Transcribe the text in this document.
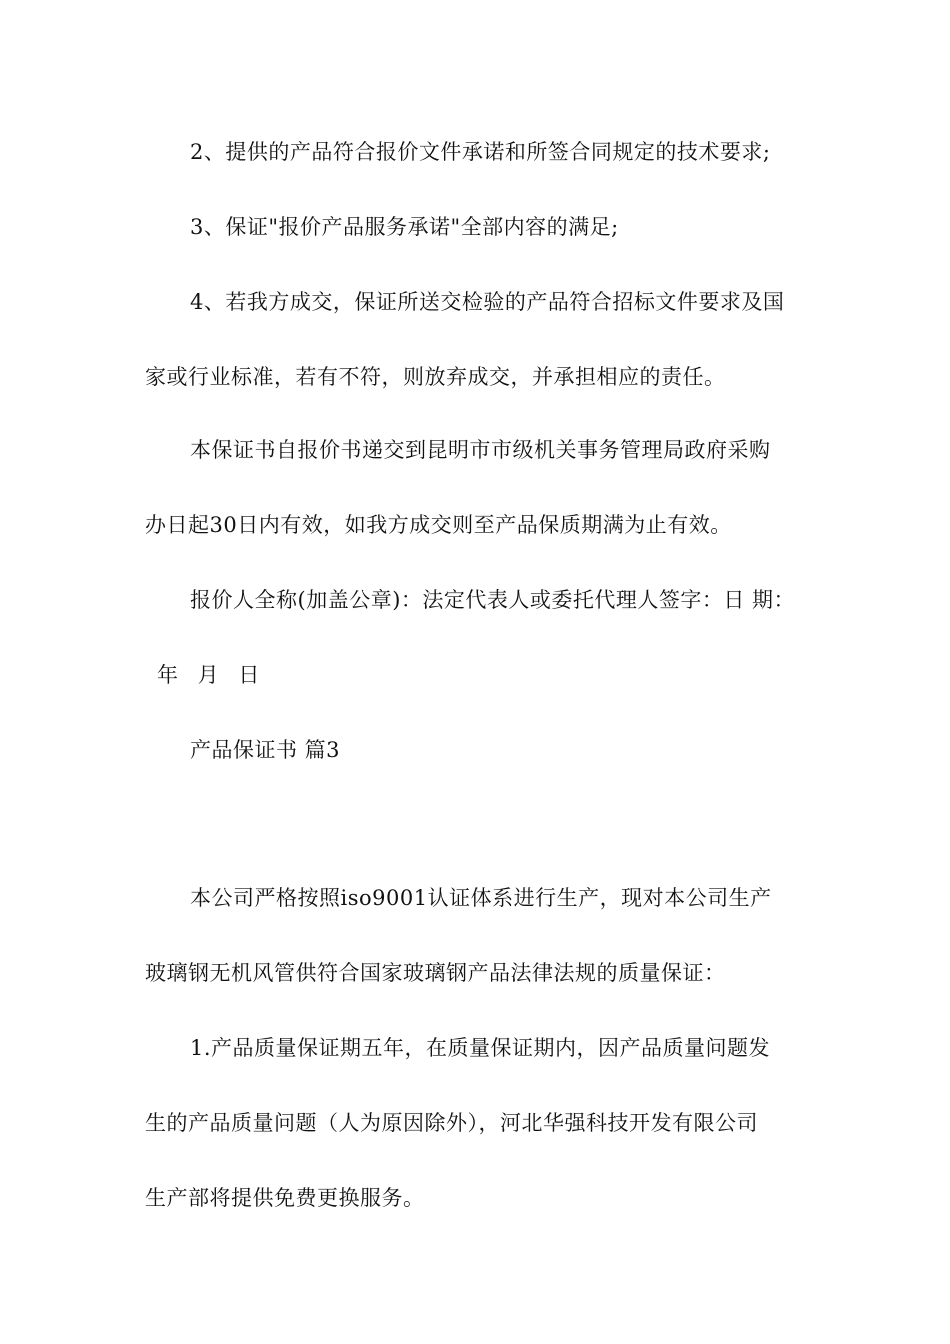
2、提供的产品符合报价文件承诺和所签合同规定的技术要求;
3、保证"报价产品服务承诺"全部内容的满足;
4、若我方成交，保证所送交检验的产品符合招标文件要求及国
家或行业标准，若有不符，则放弃成交，并承担相应的责任。
本保证书自报价书递交到昆明市市级机关事务管理局政府采购
办日起30日内有效，如我方成交则至产品保质期满为止有效。
报价人全称(加盖公章)：法定代表人或委托代理人签字：日 期：
年 月 日
产品保证书 篇3
本公司严格按照iso9001认证体系进行生产，现对本公司生产
玻璃钢无机风管供符合国家玻璃钢产品法律法规的质量保证：
1.产品质量保证期五年，在质量保证期内，因产品质量问题发
生的产品质量问题（人为原因除外），河北华强科技开发有限公司
生产部将提供免费更换服务。
